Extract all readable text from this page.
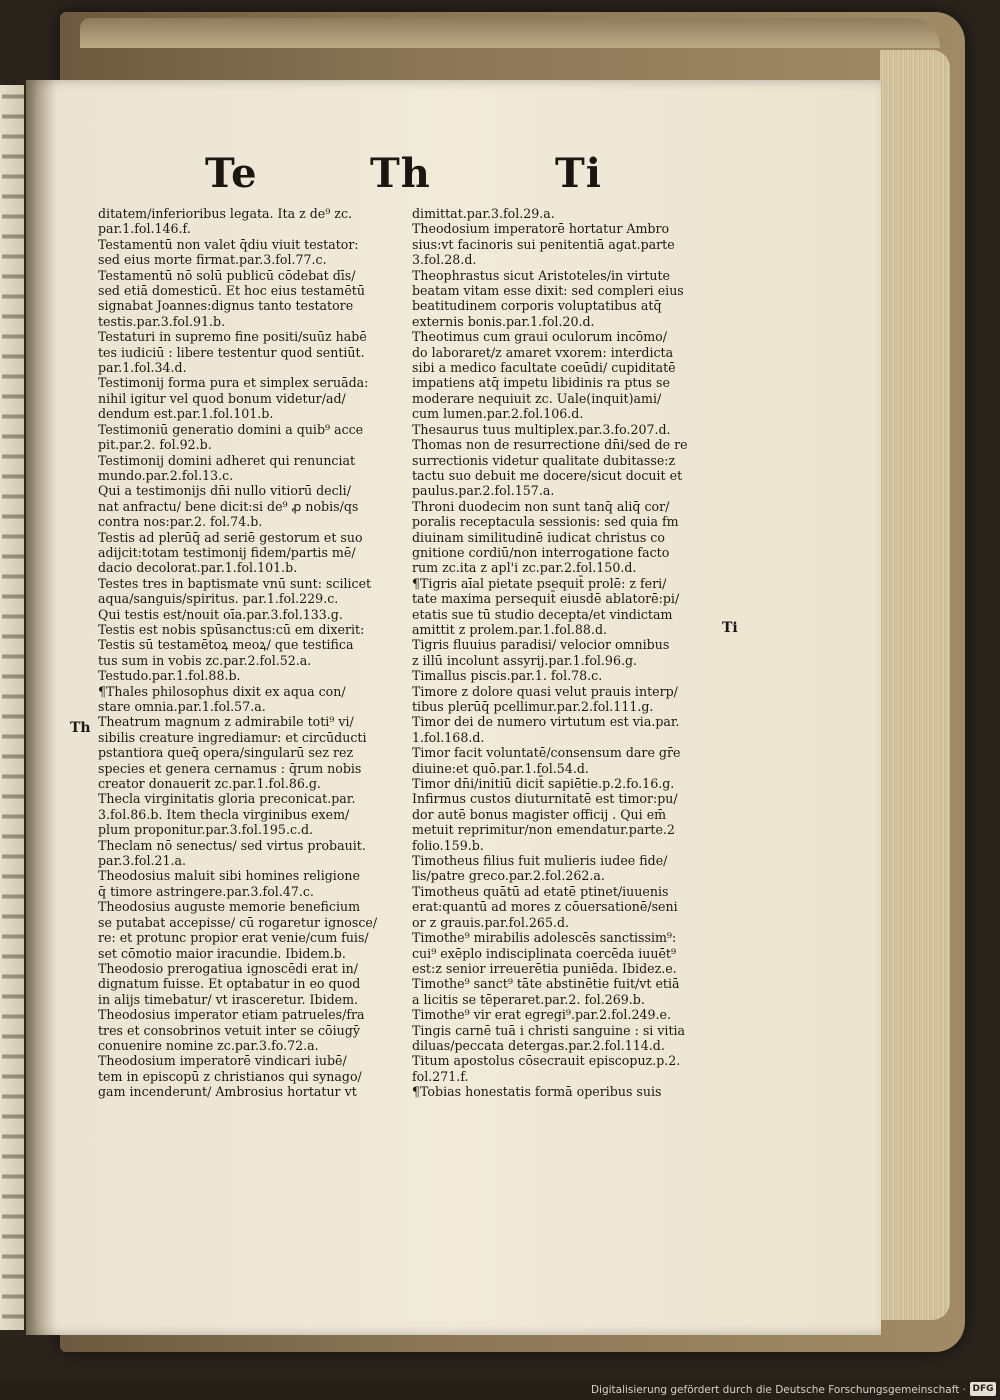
Te	Th	Ti
ditatem/inferioribus legata. Ita z de⁹ zc.
par.1.fol.146.f.
Testamentū non valet q̄diu viuit testator:
sed eius morte firmat.par.3.fol.77.c.
Testamentū nō solū publicū cōdebat dīs/
sed etiā domesticū. Et hoc eius testamētū
signabat Joannes:dignus tanto testatore
testis.par.3.fol.91.b.
Testaturi in supremo fine positi/suūz habē
tes iudiciū : libere testentur quod sentiūt.
par.1.fol.34.d.
Testimonij forma pura et simplex seruāda:
nihil igitur vel quod bonum videtur/ad/
dendum est.par.1.fol.101.b.
Testimoniū generatio domini a quib⁹ acce
pit.par.2. fol.92.b.
Testimonij domini adheret qui renunciat
mundo.par.2.fol.13.c.
Qui a testimonijs dn̄i nullo vitiorū decli/
nat anfractu/ bene dicit:si de⁹ ꝓ nobis/qs
contra nos:par.2. fol.74.b.
Testis ad plerūq̄ ad seriē gestorum et suo
adijcit:totam testimonij fidem/partis mē/
dacio decolorat.par.1.fol.101.b.
Testes tres in baptismate vnū sunt: scilicet
aqua/sanguis/spiritus. par.1.fol.229.c.
Qui testis est/nouit oīa.par.3.fol.133.g.
Testis est nobis spūsanctus:cū em dixerit:
Testis sū testamētoꝝ meoꝝ/ que testifica
tus sum in vobis zc.par.2.fol.52.a.
Testudo.par.1.fol.88.b.
¶Thales philosophus dixit ex aqua con/
stare omnia.par.1.fol.57.a.
Theatrum magnum z admirabile toti⁹ vi/
sibilis creature ingrediamur: et circūducti
pstantiora queq̄ opera/singularū sez rez
species et genera cernamus : q̄rum nobis
creator donauerit zc.par.1.fol.86.g.
Thecla virginitatis gloria preconicat.par.
3.fol.86.b. Item thecla virginibus exem/
plum proponitur.par.3.fol.195.c.d.
Theclam nō senectus/ sed virtus probauit.
par.3.fol.21.a.
Theodosius maluit sibi homines religione
q̄ timore astringere.par.3.fol.47.c.
Theodosius auguste memorie beneficium
se putabat accepisse/ cū rogaretur ignosce/
re: et protunc propior erat venie/cum fuis/
set cōmotio maior iracundie. Ibidem.b.
Theodosio prerogatiua ignoscēdi erat in/
dignatum fuisse. Et optabatur in eo quod
in alijs timebatur/ vt irasceretur. Ibidem.
Theodosius imperator etiam patrueles/fra
tres et consobrinos vetuit inter se cōiugȳ
conuenire nomine zc.par.3.fo.72.a.
Theodosium imperatorē vindicari iubē/
tem in episcopū z christianos qui synago/
gam incenderunt/ Ambrosius hortatur vt
dimittat.par.3.fol.29.a.
Theodosium imperatorē hortatur Ambro
sius:vt facinoris sui penitentiā agat.parte
3.fol.28.d.
Theophrastus sicut Aristoteles/in virtute
beatam vitam esse dixit: sed compleri eius
beatitudinem corporis voluptatibus atq̄
externis bonis.par.1.fol.20.d.
Theotimus cum graui oculorum incōmo/
do laboraret/z amaret vxorem: interdicta
sibi a medico facultate coeūdi/ cupiditatē
impatiens atq̄ impetu libidinis ra ptus se
moderare nequiuit zc. Uale(inquit)ami/
cum lumen.par.2.fol.106.d.
Thesaurus tuus multiplex.par.3.fo.207.d.
Thomas non de resurrectione dn̄i/sed de re
surrectionis videtur qualitate dubitasse:z
tactu suo debuit me docere/sicut docuit et
paulus.par.2.fol.157.a.
Throni duodecim non sunt tanq̄ aliq̄ cor/
poralis receptacula sessionis: sed quia fm
diuinam similitudinē iudicat christus co
gnitione cordiū/non interrogatione facto
rum zc.ita z apl'i zc.par.2.fol.150.d.
¶Tigris aīal pietate psequit̄ prolē: z feri/
tate maxima persequit̄ eiusdē ablatorē:pi/
etatis sue tū studio decepta/et vindictam
amittit z prolem.par.1.fol.88.d.
Tigris fluuius paradisi/ velocior omnibus
z illū incolunt assyrij.par.1.fol.96.g.
Timallus piscis.par.1. fol.78.c.
Timore z dolore quasi velut prauis interp/
tibus plerūq̄ pcellimur.par.2.fol.111.g.
Timor dei de numero virtutum est via.par.
1.fol.168.d.
Timor facit voluntatē/consensum dare gr̄e
diuine:et quō.par.1.fol.54.d.
Timor dn̄i/initiū dicit̄ sapiētie.p.2.fo.16.g.
Infirmus custos diuturnitatē est timor:pu/
dor autē bonus magister officij . Qui em̄
metuit reprimitur/non emendatur.parte.2
folio.159.b.
Timotheus filius fuit mulieris iudee fide/
lis/patre greco.par.2.fol.262.a.
Timotheus quātū ad etatē ptinet/iuuenis
erat:quantū ad mores z cōuersationē/seni
or z grauis.par.fol.265.d.
Timothe⁹ mirabilis adolescēs sanctissim⁹:
cui⁹ exēplo indisciplinata coercēda iuuēt⁹
est:z senior irreuerētia puniēda. Ibidez.e.
Timothe⁹ sanct⁹ tāte abstinētie fuit/vt etiā
a licitis se tēperaret.par.2. fol.269.b.
Timothe⁹ vir erat egregi⁹.par.2.fol.249.e.
Tingis carnē tuā i christi sanguine : si vitia
diluas/peccata detergas.par.2.fol.114.d.
Titum apostolus cōsecrauit episcopuz.p.2.
fol.271.f.
¶Tobias honestatis formā operibus suis
Th
Ti
Digitalisierung gefördert durch die Deutsche Forschungsgemeinschaft · DFG
